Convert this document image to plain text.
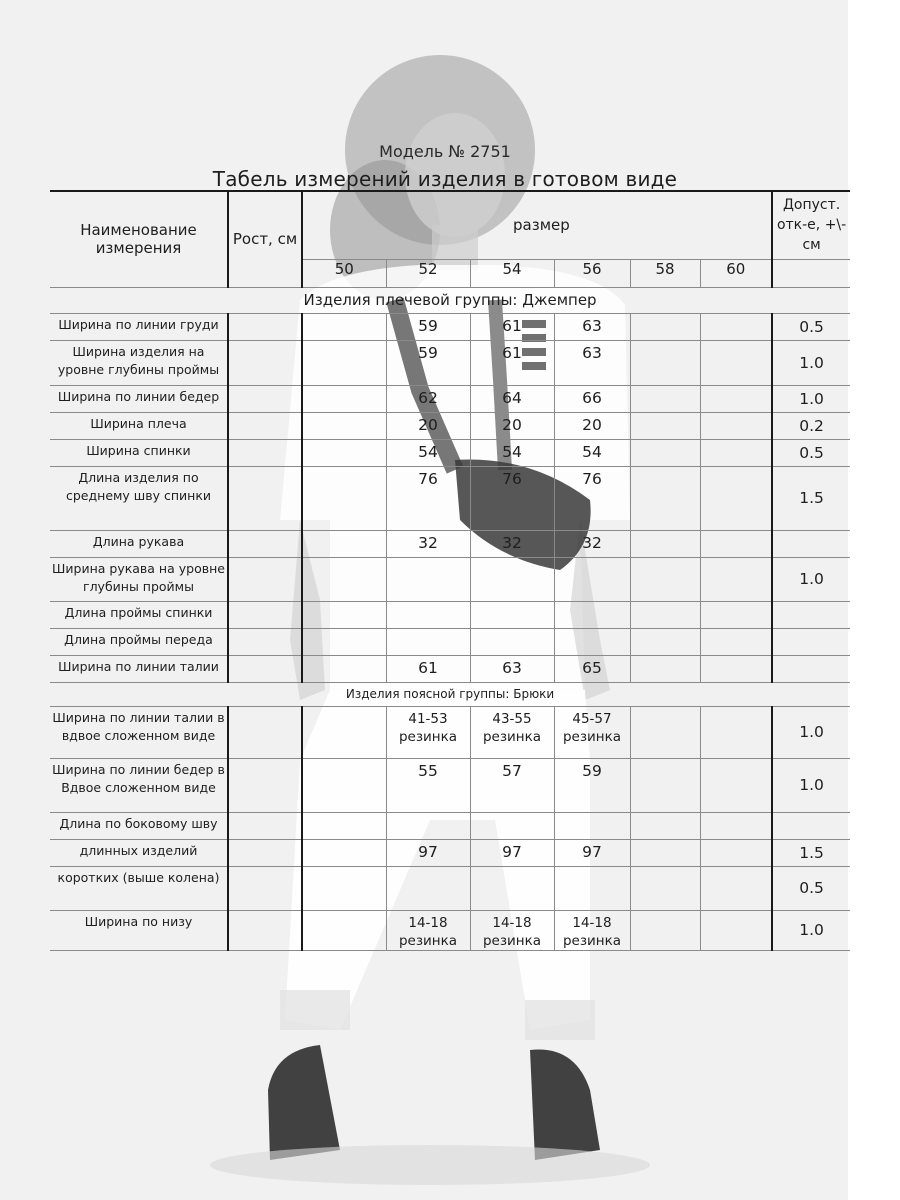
Модель № 2751
Табель измерений изделия в готовом виде
Наименование измерения	Рост, см	размер						Допуст. отк-е, +\-см
		50	52	54	56	58	60	
Изделия плечевой группы: Джемпер								
Ширина по линии груди			59	61	63			0.5
Ширина изделия на уровне глубины проймы			59	61	63			1.0
Ширина по линии бедер			62	64	66			1.0
Ширина плеча			20	20	20			0.2
Ширина спинки			54	54	54			0.5
Длина изделия по среднему шву спинки			76	76	76			1.5
Длина рукава			32	32	32			
Ширина рукава на уровне глубины проймы								1.0
Длина проймы спинки								
Длина проймы переда								
Ширина по линии талии			61	63	65			
Изделия поясной группы: Брюки								
Ширина по линии талии в вдвое сложенном виде			41-53 резинка	43-55 резинка	45-57 резинка			1.0
Ширина по линии бедер в Вдвое сложенном виде			55	57	59			1.0
Длина по боковому шву								
длинных изделий			97	97	97			1.5
коротких (выше колена)								0.5
Ширина по низу			14-18 резинка	14-18 резинка	14-18 резинка			1.0
